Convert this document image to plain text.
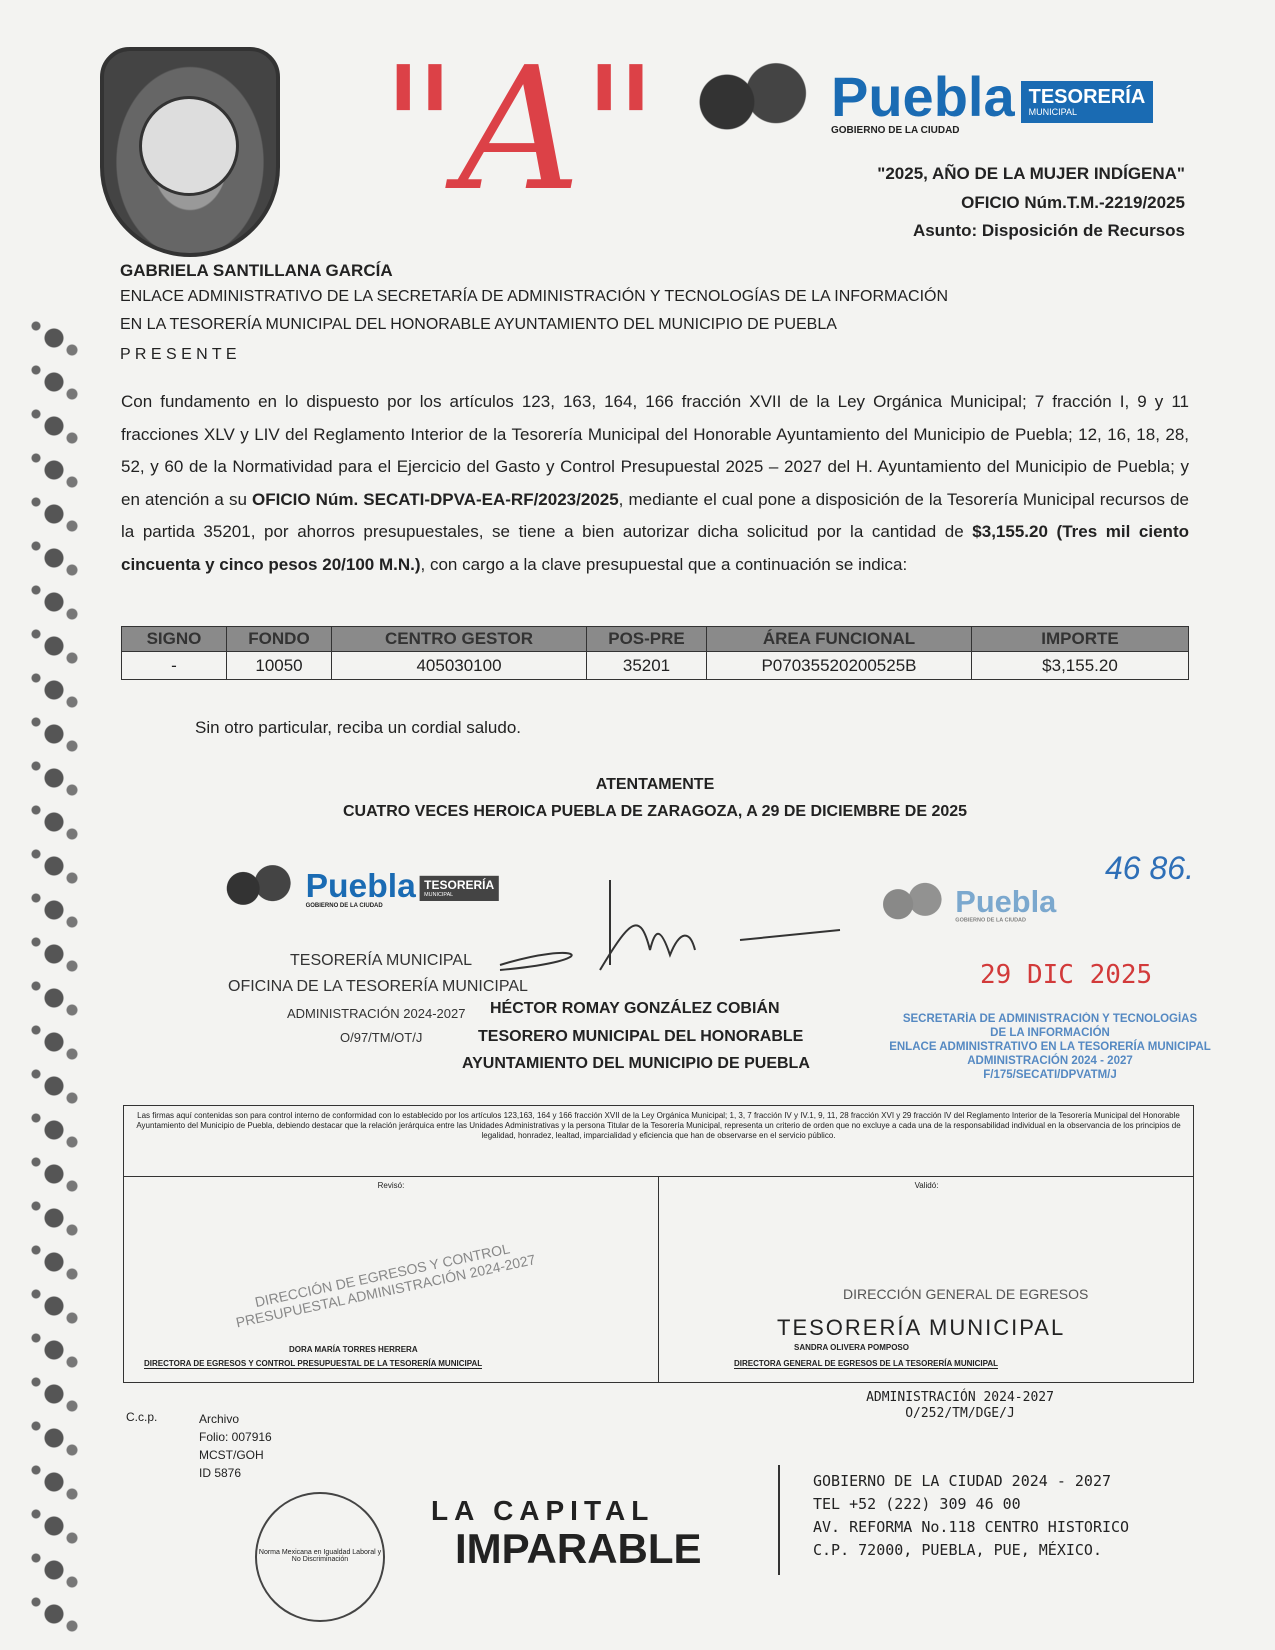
"A"	Puebla
GOBIERNO DE LA CIUDAD
TESORERÍA
MUNICIPAL
"2025, AÑO DE LA MUJER INDÍGENA"
OFICIO Núm.T.M.-2219/2025
Asunto: Disposición de Recursos
GABRIELA SANTILLANA GARCÍA
ENLACE ADMINISTRATIVO DE LA SECRETARÍA DE ADMINISTRACIÓN Y TECNOLOGÍAS DE LA INFORMACIÓN
EN LA TESORERÍA MUNICIPAL DEL HONORABLE AYUNTAMIENTO DEL MUNICIPIO DE PUEBLA
P R E S E N T E
Con fundamento en lo dispuesto por los artículos 123, 163, 164, 166 fracción XVII de la Ley Orgánica Municipal; 7 fracción I, 9 y 11 fracciones XLV y LIV del Reglamento Interior de la Tesorería Municipal del Honorable Ayuntamiento del Municipio de Puebla; 12, 16, 18, 28, 52, y 60 de la Normatividad para el Ejercicio del Gasto y Control Presupuestal 2025 – 2027 del H. Ayuntamiento del Municipio de Puebla; y en atención a su OFICIO Núm. SECATI-DPVA-EA-RF/2023/2025, mediante el cual pone a disposición de la Tesorería Municipal recursos de la partida 35201, por ahorros presupuestales, se tiene a bien autorizar dicha solicitud por la cantidad de $3,155.20 (Tres mil ciento cincuenta y cinco pesos 20/100 M.N.), con cargo a la clave presupuestal que a continuación se indica:
SIGNO	FONDO	CENTRO GESTOR	POS-PRE	ÁREA FUNCIONAL	IMPORTE
-	10050	405030100	35201	P07035520200525B	$3,155.20
Sin otro particular, reciba un cordial saludo.
ATENTAMENTE
CUATRO VECES HEROICA PUEBLA DE ZARAGOZA, A 29 DE DICIEMBRE DE 2025
Puebla
GOBIERNO DE LA CIUDAD
TESORERÍA
MUNICIPAL
TESORERÍA MUNICIPAL
OFICINA DE LA TESORERÍA MUNICIPAL
ADMINISTRACIÓN 2024-2027
O/97/TM/OT/J
HÉCTOR ROMAY GONZÁLEZ COBIÁN
TESORERO MUNICIPAL DEL HONORABLE
AYUNTAMIENTO DEL MUNICIPIO DE PUEBLA
46 86.
Puebla
GOBIERNO DE LA CIUDAD
29 DIC 2025
SECRETARÍA DE ADMINISTRACIÓN Y TECNOLOGÍAS
DE LA INFORMACIÓN
ENLACE ADMINISTRATIVO EN LA TESORERÍA MUNICIPAL
ADMINISTRACIÓN 2024 - 2027
F/175/SECATI/DPVATM/J
Las firmas aquí contenidas son para control interno de conformidad con lo establecido por los artículos 123,163, 164 y 166 fracción XVII de la Ley Orgánica Municipal; 1, 3, 7 fracción IV y IV.1, 9, 11, 28 fracción XVI y 29 fracción IV del Reglamento Interior de la Tesorería Municipal del Honorable Ayuntamiento del Municipio de Puebla, debiendo destacar que la relación jerárquica entre las Unidades Administrativas y la persona Titular de la Tesorería Municipal, representa un criterio de orden que no excluye a cada una de la responsabilidad individual en la observancia de los principios de legalidad, honradez, lealtad, imparcialidad y eficiencia que han de observarse en el servicio público.
Revisó:
DIRECCIÓN DE EGRESOS Y CONTROL PRESUPUESTAL ADMINISTRACIÓN 2024-2027
DORA MARÍA TORRES HERRERA
DIRECTORA DE EGRESOS Y CONTROL PRESUPUESTAL DE LA TESORERÍA MUNICIPAL
Validó:
TESORERÍA MUNICIPAL
SANDRA OLIVERA POMPOSO
DIRECTORA GENERAL DE EGRESOS DE LA TESORERÍA MUNICIPAL
DIRECCIÓN GENERAL DE EGRESOS
ADMINISTRACIÓN 2024-2027
O/252/TM/DGE/J
C.c.p.	Archivo
Folio: 007916
MCST/GOH
ID 5876
Norma Mexicana en Igualdad Laboral y No Discriminación
LA CAPITAL
IMPARABLE
GOBIERNO DE LA CIUDAD 2024 - 2027
TEL +52 (222) 309 46 00
AV. REFORMA No.118 CENTRO HISTORICO
C.P. 72000, PUEBLA, PUE, MÉXICO.
